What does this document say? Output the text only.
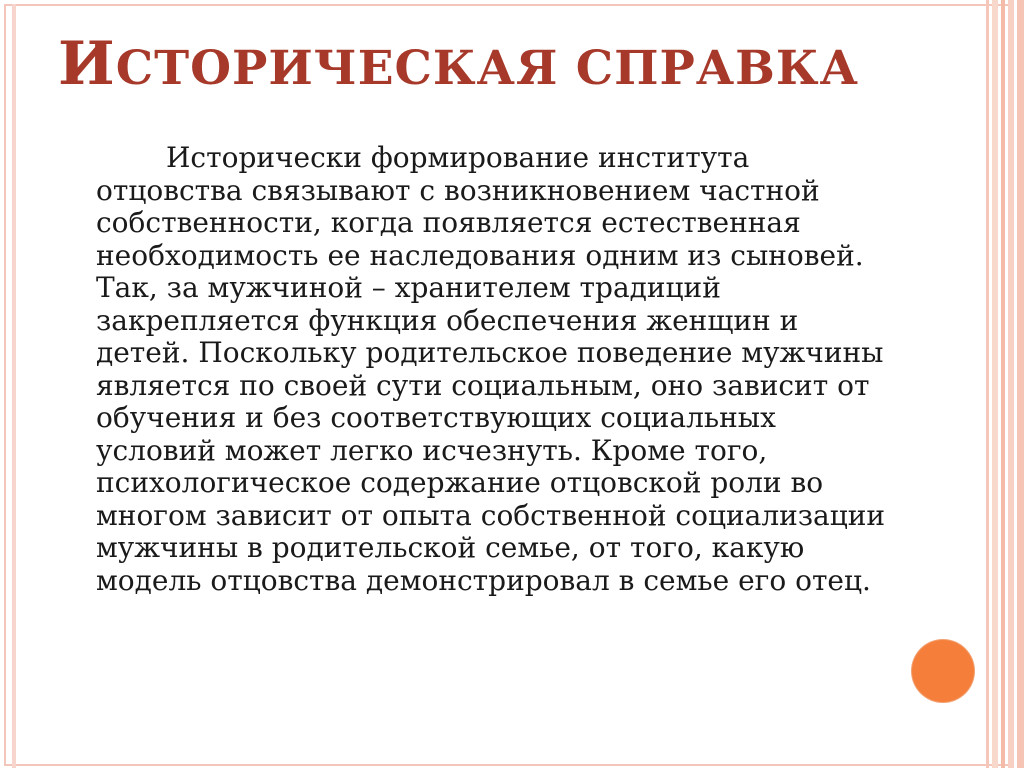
ИСТОРИЧЕСКАЯ СПРАВКА

Исторически формирование института отцовства связывают с возникновением частной собственности, когда появляется естественная необходимость ее наследования одним из сыновей. Так, за мужчиной – хранителем традиций закрепляется функция обеспечения женщин и детей. Поскольку родительское поведение мужчины является по своей сути социальным, оно зависит от обучения и без соответствующих социальных условий может легко исчезнуть. Кроме того, психологическое содержание отцовской роли во многом зависит от опыта собственной социализации мужчины в родительской семье, от того, какую модель отцовства демонстрировал в семье его отец.
